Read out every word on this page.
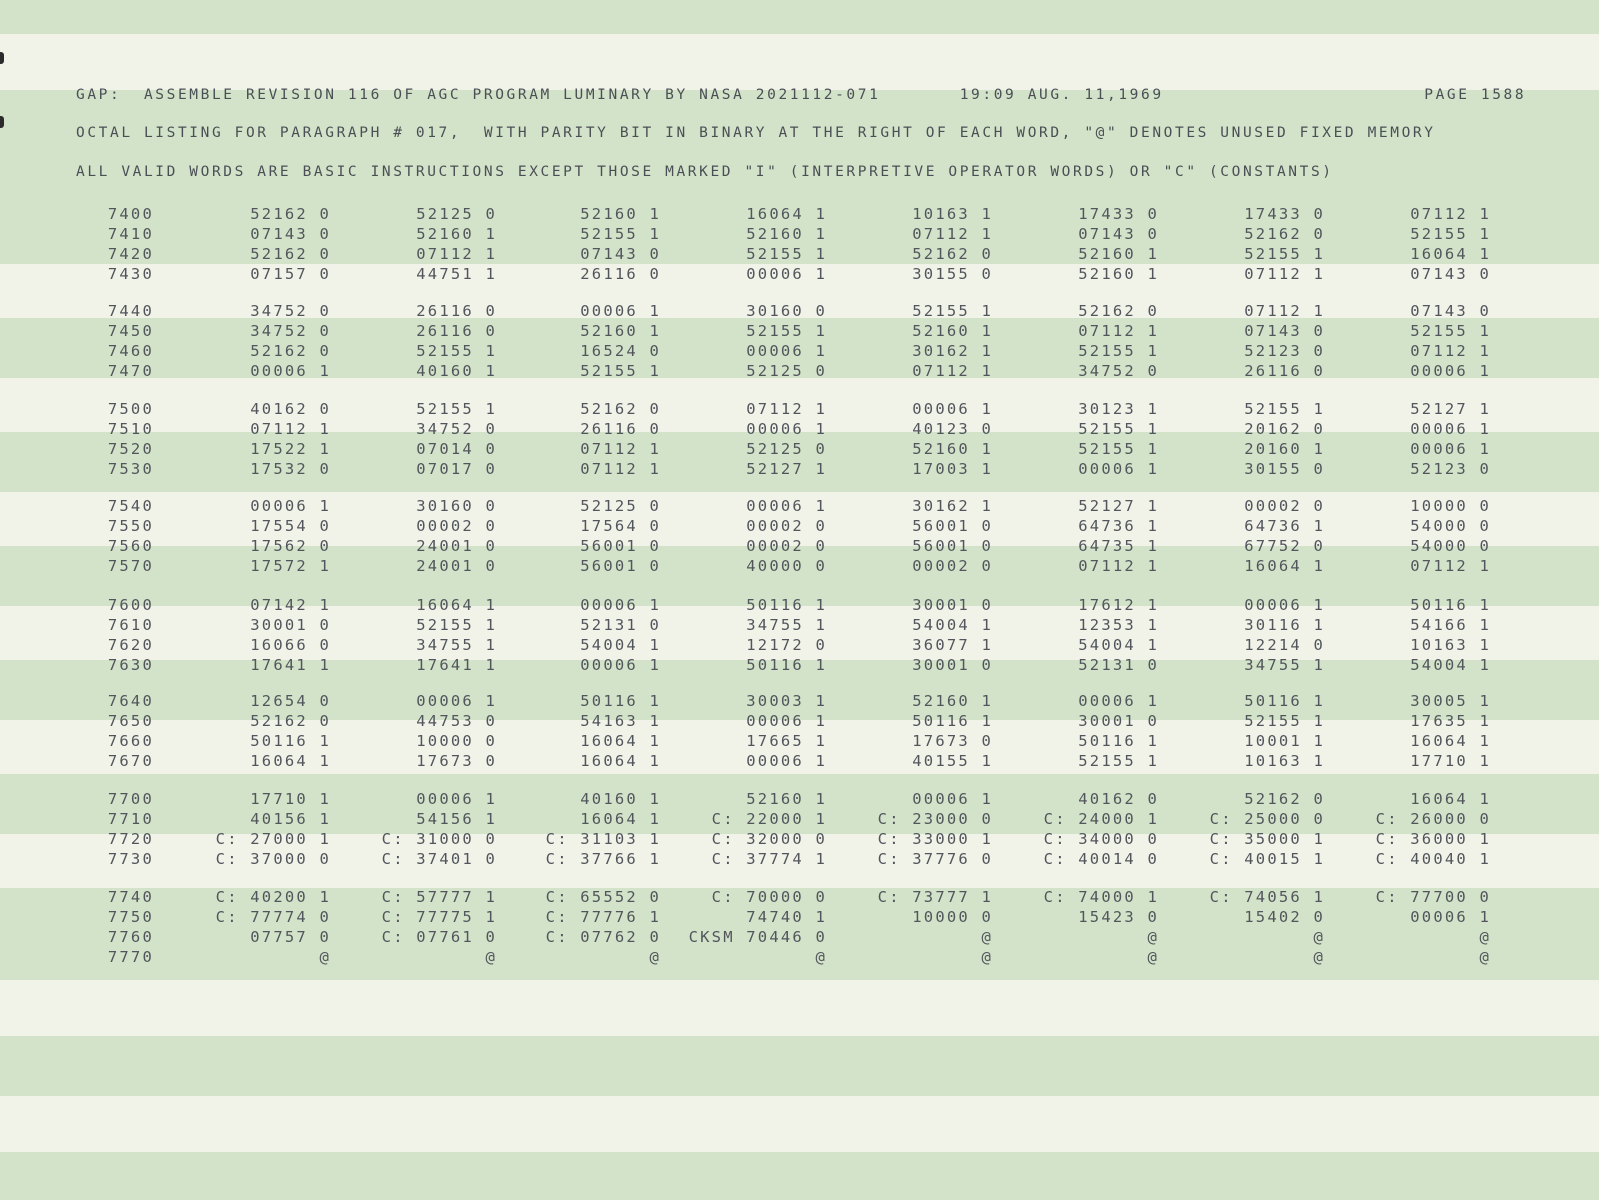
GAP:  ASSEMBLE REVISION 116 OF AGC PROGRAM LUMINARY BY NASA 2021112-071       19:09 AUG. 11,1969                       PAGE 1588
OCTAL LISTING FOR PARAGRAPH # 017,  WITH PARITY BIT IN BINARY AT THE RIGHT OF EACH WORD, "@" DENOTES UNUSED FIXED MEMORY
ALL VALID WORDS ARE BASIC INSTRUCTIONS EXCEPT THOSE MARKED "I" (INTERPRETIVE OPERATOR WORDS) OR "C" (CONSTANTS)
7400	52162 0	52125 0	52160 1	16064 1	10163 1	17433 0	17433 0	07112 1
7410	07143 0	52160 1	52155 1	52160 1	07112 1	07143 0	52162 0	52155 1
7420	52162 0	07112 1	07143 0	52155 1	52162 0	52160 1	52155 1	16064 1
7430	07157 0	44751 1	26116 0	00006 1	30155 0	52160 1	07112 1	07143 0
7440	34752 0	26116 0	00006 1	30160 0	52155 1	52162 0	07112 1	07143 0
7450	34752 0	26116 0	52160 1	52155 1	52160 1	07112 1	07143 0	52155 1
7460	52162 0	52155 1	16524 0	00006 1	30162 1	52155 1	52123 0	07112 1
7470	00006 1	40160 1	52155 1	52125 0	07112 1	34752 0	26116 0	00006 1
7500	40162 0	52155 1	52162 0	07112 1	00006 1	30123 1	52155 1	52127 1
7510	07112 1	34752 0	26116 0	00006 1	40123 0	52155 1	20162 0	00006 1
7520	17522 1	07014 0	07112 1	52125 0	52160 1	52155 1	20160 1	00006 1
7530	17532 0	07017 0	07112 1	52127 1	17003 1	00006 1	30155 0	52123 0
7540	00006 1	30160 0	52125 0	00006 1	30162 1	52127 1	00002 0	10000 0
7550	17554 0	00002 0	17564 0	00002 0	56001 0	64736 1	64736 1	54000 0
7560	17562 0	24001 0	56001 0	00002 0	56001 0	64735 1	67752 0	54000 0
7570	17572 1	24001 0	56001 0	40000 0	00002 0	07112 1	16064 1	07112 1
7600	07142 1	16064 1	00006 1	50116 1	30001 0	17612 1	00006 1	50116 1
7610	30001 0	52155 1	52131 0	34755 1	54004 1	12353 1	30116 1	54166 1
7620	16066 0	34755 1	54004 1	12172 0	36077 1	54004 1	12214 0	10163 1
7630	17641 1	17641 1	00006 1	50116 1	30001 0	52131 0	34755 1	54004 1
7640	12654 0	00006 1	50116 1	30003 1	52160 1	00006 1	50116 1	30005 1
7650	52162 0	44753 0	54163 1	00006 1	50116 1	30001 0	52155 1	17635 1
7660	50116 1	10000 0	16064 1	17665 1	17673 0	50116 1	10001 1	16064 1
7670	16064 1	17673 0	16064 1	00006 1	40155 1	52155 1	10163 1	17710 1
7700	17710 1	00006 1	40160 1	52160 1	00006 1	40162 0	52162 0	16064 1
7710	40156 1	54156 1	16064 1	C: 22000 1	C: 23000 0	C: 24000 1	C: 25000 0	C: 26000 0
7720	C: 27000 1	C: 31000 0	C: 31103 1	C: 32000 0	C: 33000 1	C: 34000 0	C: 35000 1	C: 36000 1
7730	C: 37000 0	C: 37401 0	C: 37766 1	C: 37774 1	C: 37776 0	C: 40014 0	C: 40015 1	C: 40040 1
7740	C: 40200 1	C: 57777 1	C: 65552 0	C: 70000 0	C: 73777 1	C: 74000 1	C: 74056 1	C: 77700 0
7750	C: 77774 0	C: 77775 1	C: 77776 1	74740 1	10000 0	15423 0	15402 0	00006 1
7760	07757 0	C: 07761 0	C: 07762 0	CKSM 70446 0	@	@	@	@
7770	@	@	@	@	@	@	@	@
